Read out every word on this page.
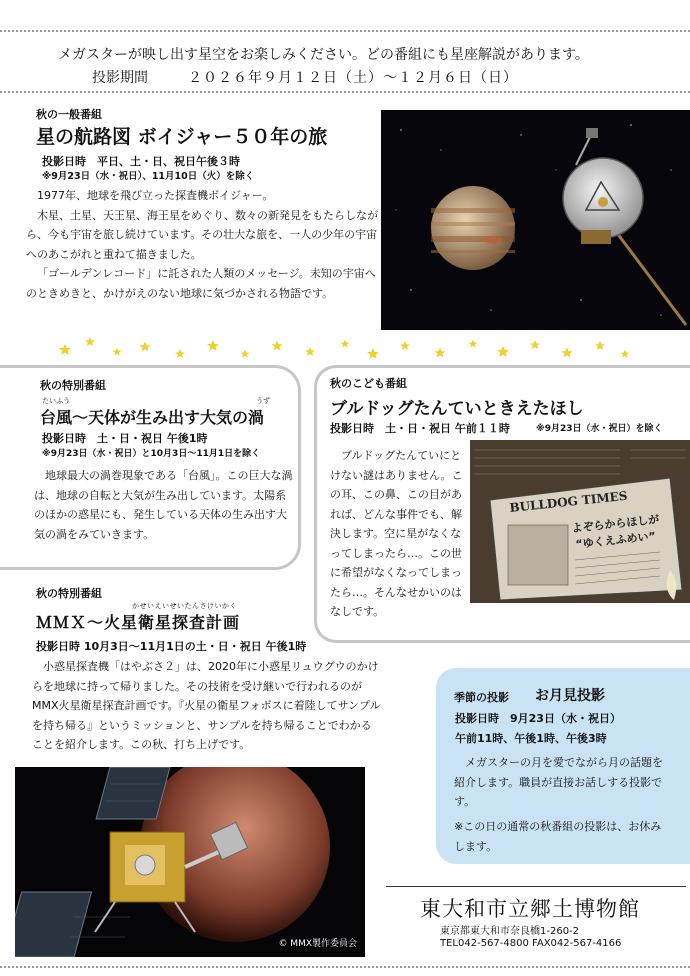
メガスターが映し出す星空をお楽しみください。どの番組にも星座解説があります。
投影期間	２０２６年９月１２日（土）～１２月６日（日）
秋の一般番組
星の航路図 ボイジャー５０年の旅
投影日時　平日、土・日、祝日午後３時
※9月23日（水・祝日）、11月10日（火）を除く

1977年、地球を飛び立った探査機ボイジャー。

木星、土星、天王星、海王星をめぐり、数々の新発見をもたらしながら、今も宇宙を旅し続けています。その壮大な旅を、一人の少年の宇宙へのあこがれと重ねて描きました。

「ゴールデンレコード」に託された人類のメッセージ。未知の宇宙へのときめきと、かけがえのない地球に気づかされる物語です。

秋の特別番組
たいふう	うず
台風～天体が生み出す大気の渦
投影日時　土・日・祝日 午後1時
※9月23日（水・祝日）と10月3日～11月1日を除く
地球最大の渦巻現象である「台風」。この巨大な渦は、地球の自転と大気が生み出しています。太陽系のほかの惑星にも、発生している天体の生み出す大気の渦をみていきます。
秋のこども番組
ブルドッグたんていときえたほし
投影日時　土・日・祝日 午前１１時	※9月23日（水・祝日）を除く
ブルドッグたんていにとけない謎はありません。この耳、この鼻、この目があれば、どんな事件でも、解決します。空に星がなくなってしまったら…。この世に希望がなくなってしまったら…。そんなせかいのはなしです。
BULLDOG TIMES
よぞらからほしが
“ゆくえふめい”
秋の特別番組
かせいえいせいたんさけいかく
ＭＭＸ～火星衛星探査計画
投影日時 10月3日～11月1日の土・日・祝日 午後1時
小惑星探査機「はやぶさ２」は、2020年に小惑星リュウグウのかけらを地球に持って帰りました。その技術を受け継いで行われるのがMMX火星衛星探査計画です。『火星の衛星フォボスに着陸してサンプルを持ち帰る』というミッションと、サンプルを持ち帰ることでわかることを紹介します。この秋、打ち上げです。
© MMX製作委員会
季節の投影 お月見投影
投影日時　9月23日（水・祝日）
午前11時、午後1時、午後3時
メガスターの月を愛でながら月の話題を紹介します。職員が直接お話しする投影です。
※この日の通常の秋番組の投影は、お休みします。
東大和市立郷土博物館
東京都東大和市奈良橋1-260-2
TEL042-567-4800 FAX042-567-4166
